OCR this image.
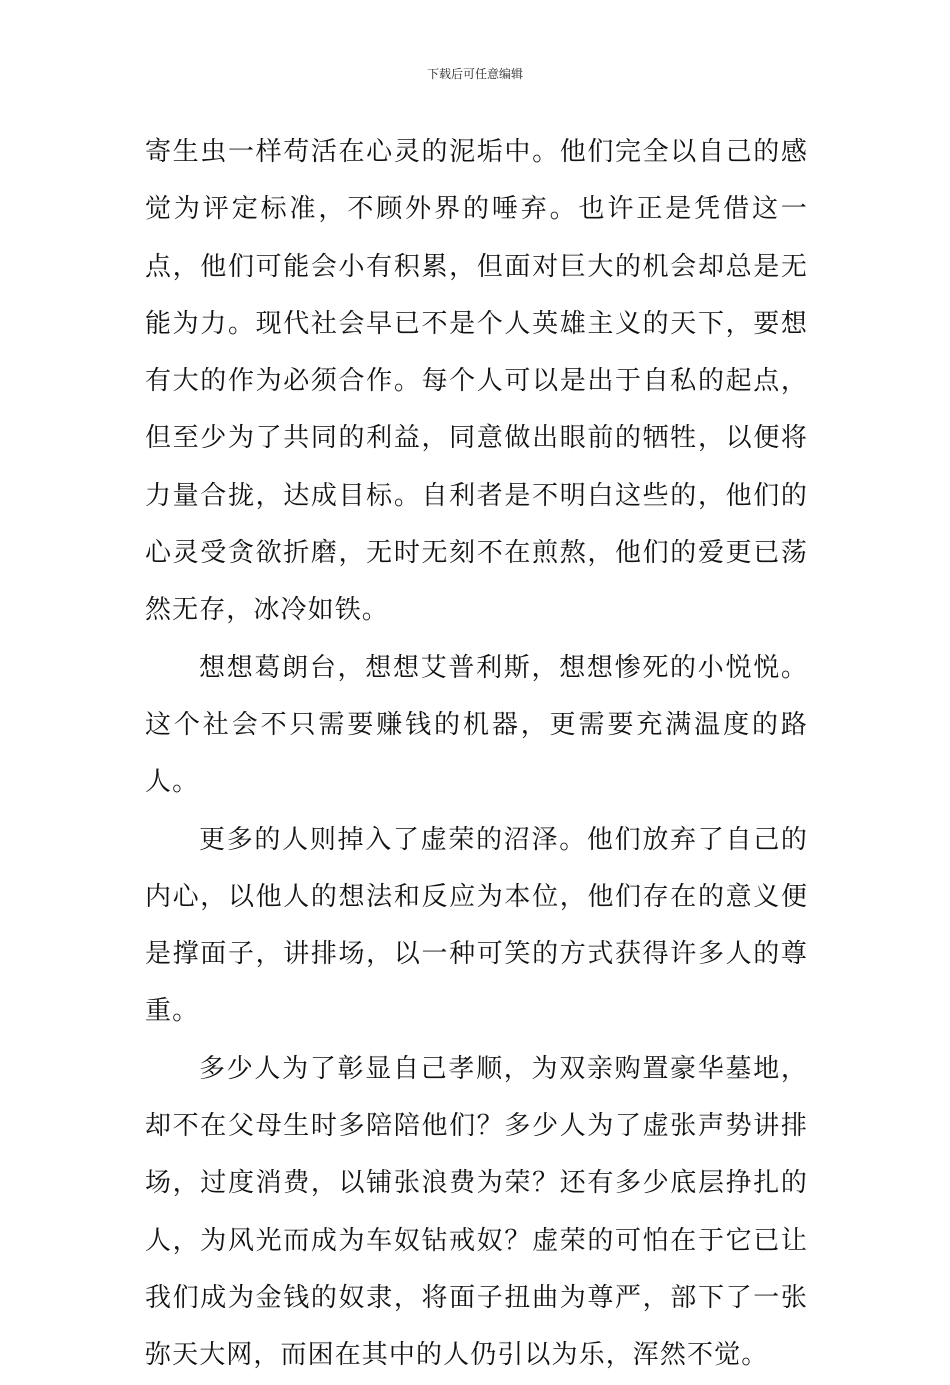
下载后可任意编辑

寄生虫一样苟活在心灵的泥垢中。他们完全以自己的感觉为评定标准，不顾外界的唾弃。也许正是凭借这一点，他们可能会小有积累，但面对巨大的机会却总是无能为力。现代社会早已不是个人英雄主义的天下，要想有大的作为必须合作。每个人可以是出于自私的起点，但至少为了共同的利益，同意做出眼前的牺牲，以便将力量合拢，达成目标。自利者是不明白这些的，他们的心灵受贪欲折磨，无时无刻不在煎熬，他们的爱更已荡然无存，冰冷如铁。

想想葛朗台，想想艾普利斯，想想惨死的小悦悦。这个社会不只需要赚钱的机器，更需要充满温度的路人。

更多的人则掉入了虚荣的沼泽。他们放弃了自己的内心，以他人的想法和反应为本位，他们存在的意义便是撑面子，讲排场，以一种可笑的方式获得许多人的尊重。

多少人为了彰显自己孝顺，为双亲购置豪华墓地，却不在父母生时多陪陪他们？多少人为了虚张声势讲排场，过度消费，以铺张浪费为荣？还有多少底层挣扎的人，为风光而成为车奴钻戒奴？虚荣的可怕在于它已让我们成为金钱的奴隶，将面子扭曲为尊严，部下了一张弥天大网，而困在其中的人仍引以为乐，浑然不觉。
